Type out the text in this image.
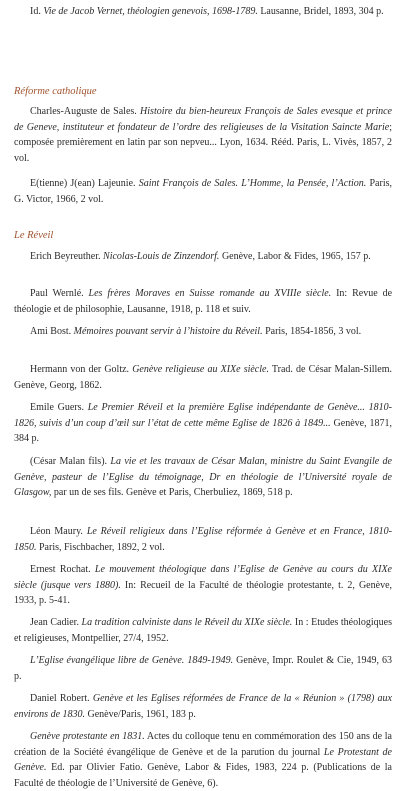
Id. Vie de Jacob Vernet, théologien genevois, 1698-1789. Lausanne, Bridel, 1893, 304 p.
Réforme catholique
Charles-Auguste de Sales. Histoire du bien-heureux François de Sales evesque et prince de Geneve, instituteur et fondateur de l’ordre des religieuses de la Visitation Saincte Marie; composée premièrement en latin par son nepveu... Lyon, 1634. Rééd. Paris, L. Vivès, 1857, 2 vol.
E(tienne) J(ean) Lajeunie. Saint François de Sales. L’Homme, la Pensée, l’Action. Paris, G. Victor, 1966, 2 vol.
Le Réveil
Erich Beyreuther. Nicolas-Louis de Zinzendorf. Genève, Labor & Fides, 1965, 157 p.
Paul Wernlé. Les frères Moraves en Suisse romande au XVIIIe siècle. In: Revue de théologie et de philosophie, Lausanne, 1918, p. 118 et suiv.
Ami Bost. Mémoires pouvant servir à l’histoire du Réveil. Paris, 1854-1856, 3 vol.
Hermann von der Goltz. Genève religieuse au XIXe siècle. Trad. de César Malan-Sillem. Genève, Georg, 1862.
Emile Guers. Le Premier Réveil et la première Eglise indépendante de Genève... 1810-1826, suivis d’un coup d’œil sur l’état de cette même Eglise de 1826 à 1849... Genève, 1871, 384 p.
(César Malan fils). La vie et les travaux de César Malan, ministre du Saint Evangile de Genève, pasteur de l’Eglise du témoignage, Dr en théologie de l’Université royale de Glasgow, par un de ses fils. Genève et Paris, Cherbuliez, 1869, 518 p.
Léon Maury. Le Réveil religieux dans l’Eglise réformée à Genève et en France, 1810-1850. Paris, Fischbacher, 1892, 2 vol.
Ernest Rochat. Le mouvement théologique dans l’Eglise de Genève au cours du XIXe siècle (jusque vers 1880). In: Recueil de la Faculté de théologie protestante, t. 2, Genève, 1933, p. 5-41.
Jean Cadier. La tradition calviniste dans le Réveil du XIXe siècle. In : Etudes théologiques et religieuses, Montpellier, 27/4, 1952.
L’Eglise évangélique libre de Genève. 1849-1949. Genève, Impr. Roulet & Cie, 1949, 63 p.
Daniel Robert. Genève et les Eglises réformées de France de la « Réunion » (1798) aux environs de 1830. Genève/Paris, 1961, 183 p.
Genève protestante en 1831. Actes du colloque tenu en commémoration des 150 ans de la création de la Société évangélique de Genève et de la parution du journal Le Protestant de Genève. Ed. par Olivier Fatio. Genève, Labor & Fides, 1983, 224 p. (Publications de la Faculté de théologie de l’Université de Genève, 6).
